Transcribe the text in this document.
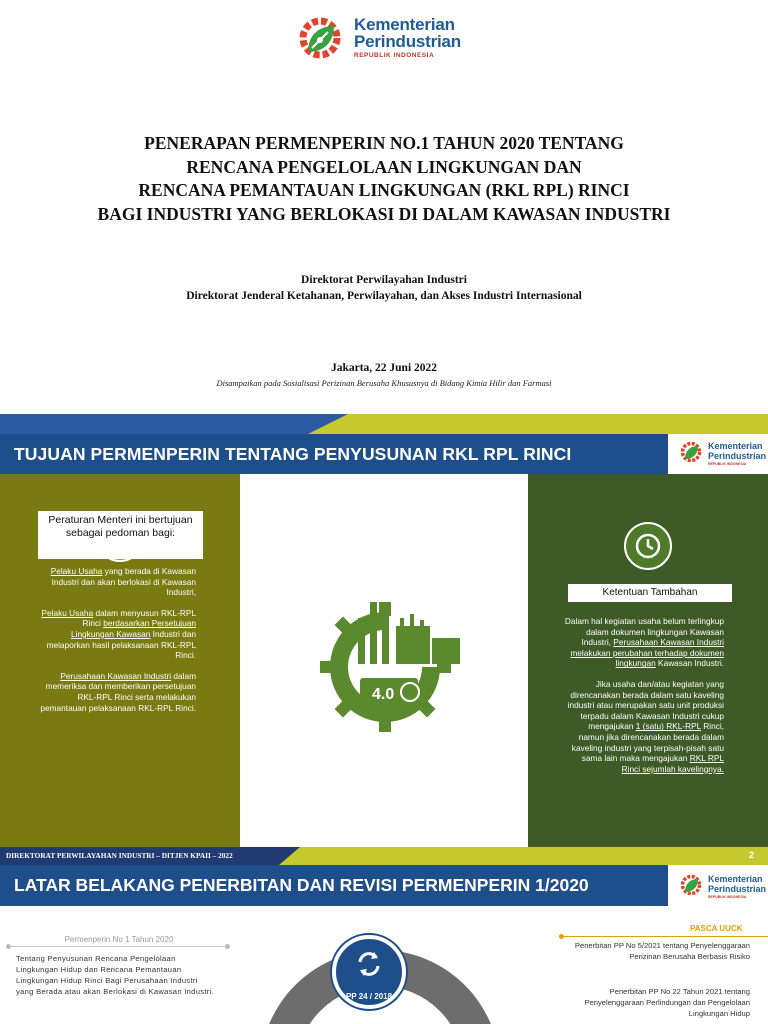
Kementerian
Perindustrian
REPUBLIK INDONESIA
PENERAPAN PERMENPERIN NO.1 TAHUN 2020 TENTANG
RENCANA PENGELOLAAN LINGKUNGAN DAN
RENCANA PEMANTAUAN LINGKUNGAN (RKL RPL) RINCI
BAGI INDUSTRI YANG BERLOKASI DI DALAM KAWASAN INDUSTRI
Direktorat Perwilayahan Industri
Direktorat Jenderal Ketahanan, Perwilayahan, dan Akses Industri Internasional
Jakarta, 22 Juni 2022
Disampaikan pada Sosialisasi Perizinan Berusaha Khususnya di Bidang Kimia Hilir dan Farmasi
TUJUAN PERMENPERIN TENTANG PENYUSUNAN RKL RPL RINCI	Kementerian
Perindustrian
REPUBLIK INDONESIA
Peraturan Menteri ini bertujuan sebagai pedoman bagi:

Pelaku Usaha yang berada di Kawasan Industri dan akan berlokasi di Kawasan Industri,

Pelaku Usaha dalam menyusun RKL-RPL Rinci berdasarkan Persetujuan Lingkungan Kawasan Industri dan melaporkan hasil pelaksanaan RKL-RPL Rinci.

Perusahaan Kawasan Industri dalam memeriksa dan memberikan persetujuan RKL-RPL Rinci serta melakukan pemantauan pelaksanaan RKL-RPL Rinci.

4.0
Ketentuan Tambahan

Dalam hal kegiatan usaha belum terlingkup dalam dokumen lingkungan Kawasan Industri, Perusahaan Kawasan Industri melakukan perubahan terhadap dokumen lingkungan Kawasan Industri.

Jika usaha dan/atau kegiatan yang direncanakan berada dalam satu kaveling industri atau merupakan satu unit produksi terpadu dalam Kawasan Industri cukup mengajukan 1 (satu) RKL-RPL Rinci, namun jika direncanakan berada dalam kaveling industri yang terpisah-pisah satu sama lain maka mengajukan RKL RPL Rinci sejumlah kavelingnya.

DIREKTORAT PERWILAYAHAN INDUSTRI – DITJEN KPAII – 2022	2
LATAR BELAKANG PENERBITAN DAN REVISI PERMENPERIN 1/2020	Kementerian
Perindustrian
REPUBLIK INDONESIA
Permenperin No 1 Tahun 2020
Tentang Penyusunan Rencana Pengelolaan Lingkungan Hidup dan Rencana Pemantauan Lingkungan Hidup Rinci Bagi Perusahaan Industri yang Berada atau akan Berlokasi di Kawasan Industri.
PP 24 / 2018
PASCA UUCK
Penerbitan PP No 5/2021 tentang Penyelenggaraan Perizinan Berusaha Berbasis Risiko
Penerbitan PP No 22 Tahun 2021 tentang Penyelenggaraan Perlindungan dan Pengelolaan Lingkungan Hidup
